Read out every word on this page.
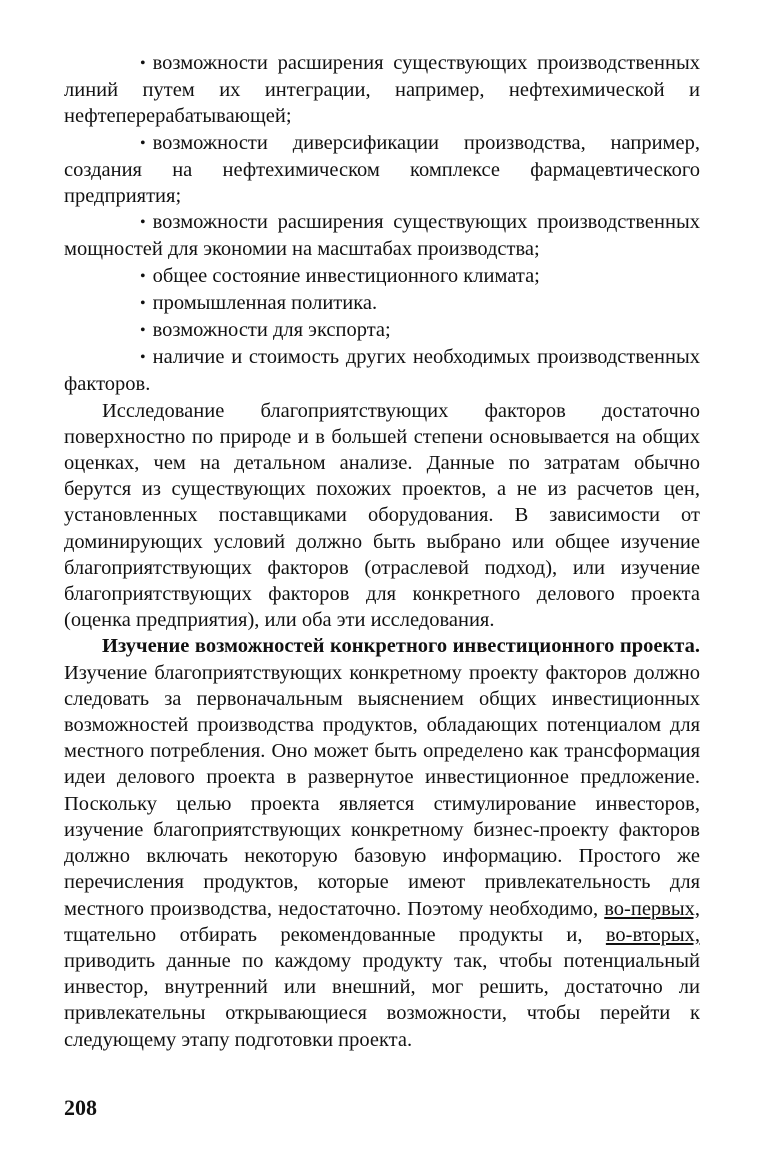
• возможности расширения существующих производственных линий путем их интеграции, например, нефтехимической и нефтеперерабатывающей;

• возможности диверсификации производства, например, создания на нефтехимическом комплексе фармацевтического предприятия;

• возможности расширения существующих производственных мощностей для экономии на масштабах производства;

• общее состояние инвестиционного климата;

• промышленная политика.

• возможности для экспорта;

• наличие и стоимость других необходимых производственных факторов.

Исследование благоприятствующих факторов достаточно поверхностно по природе и в большей степени основывается на общих оценках, чем на детальном анализе. Данные по затратам обычно берутся из существующих похожих проектов, а не из расчетов цен, установленных поставщиками оборудования. В зависимости от доминирующих условий должно быть выбрано или общее изучение благоприятствующих факторов (отраслевой подход), или изучение благоприятствующих факторов для конкретного делового проекта (оценка предприятия), или оба эти исследования.

Изучение возможностей конкретного инвестиционного проекта. Изучение благоприятствующих конкретному проекту факторов должно следовать за первоначальным выяснением общих инвестиционных возможностей производства продуктов, обладающих потенциалом для местного потребления. Оно может быть определено как трансформация идеи делового проекта в развернутое инвестиционное предложение. Поскольку целью проекта является стимулирование инвесторов, изучение благоприятствующих конкретному бизнес-проекту факторов должно включать некоторую базовую информацию. Простого же перечисления продуктов, которые имеют привлекательность для местного производства, недостаточно. Поэтому необходимо, во-первых, тщательно отбирать рекомендованные продукты и, во-вторых, приводить данные по каждому продукту так, чтобы потенциальный инвестор, внутренний или внешний, мог решить, достаточно ли привлекательны открывающиеся возможности, чтобы перейти к следующему этапу подготовки проекта.

208
